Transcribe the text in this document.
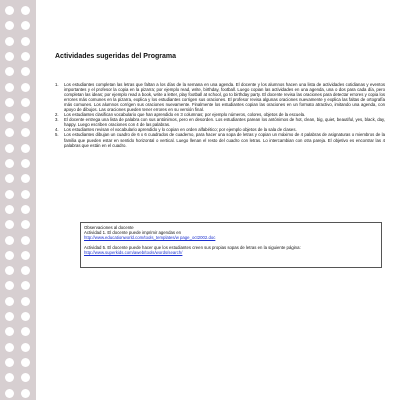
Actividades sugeridas del Programa
1. Los estudiantes completan las letras que faltan a los días de la semana en una agenda. El docente y los alumnos hacen una lista de actividades cotidianas y eventos importantes y el profesor la copia en la pizarra; por ejemplo read, write, birthday, football. Luego copian las actividades en una agenda, una o dos para cada día, pero completan las ideas; por ejemplo read a book, write a letter, play football at school, go to birthday party. El docente revisa las oraciones para detectar errores y copia los errores más comunes en la pizarra, explica y los estudiantes corrigen sus oraciones. El profesor revisa algunas oraciones nuevamente y explica las faltas de ortografía más comunes. Los alumnos corrigen sus oraciones nuevamente. Finalmente los estudiantes copian las oraciones en un formato atractivo, imitando una agenda, con apoyo de dibujos. Las oraciones pueden tener errores en su versión final.
2. Los estudiantes clasifican vocabulario que han aprendido en 3 columnas; por ejemplo números, colores, objetos de la escuela.
3. El docente entrega una lista de palabra con sus antónimos, pero en desorden. Los estudiantes parean los antónimos de hot, clean, big, quiet, beautiful, yes, black, day, happy. Luego escriben oraciones con 4 de las palabras.
4. Los estudiantes revisan el vocabulario aprendido y lo copian en orden alfabético; por ejemplo objetos de la sala de clases.
5. Los estudiantes dibujan un cuadro de 6 x 6 cuadrados de cuaderno, para hacer una sopa de letras y copian un máximo de 4 palabras de asignaturas o miembros de la familia que pueden estar en sentido horizontal o vertical. Luego llenan el resto del cuadro con letras. Lo intercambian con otra pareja. El objetivo es encontrar las 4 palabras que están en el cuadro.

Observaciones al docente

Actividad 1. El docente puede imprimir agendas en

http://www.educationworld.com/tools_templates/w page_oct2002.doc

Actividad 5. El docente puede hacer que los estudiantes creen sus propias sopas de letras en la siguiente página: http://www.superkids.com/aweb/tools/words/search/
